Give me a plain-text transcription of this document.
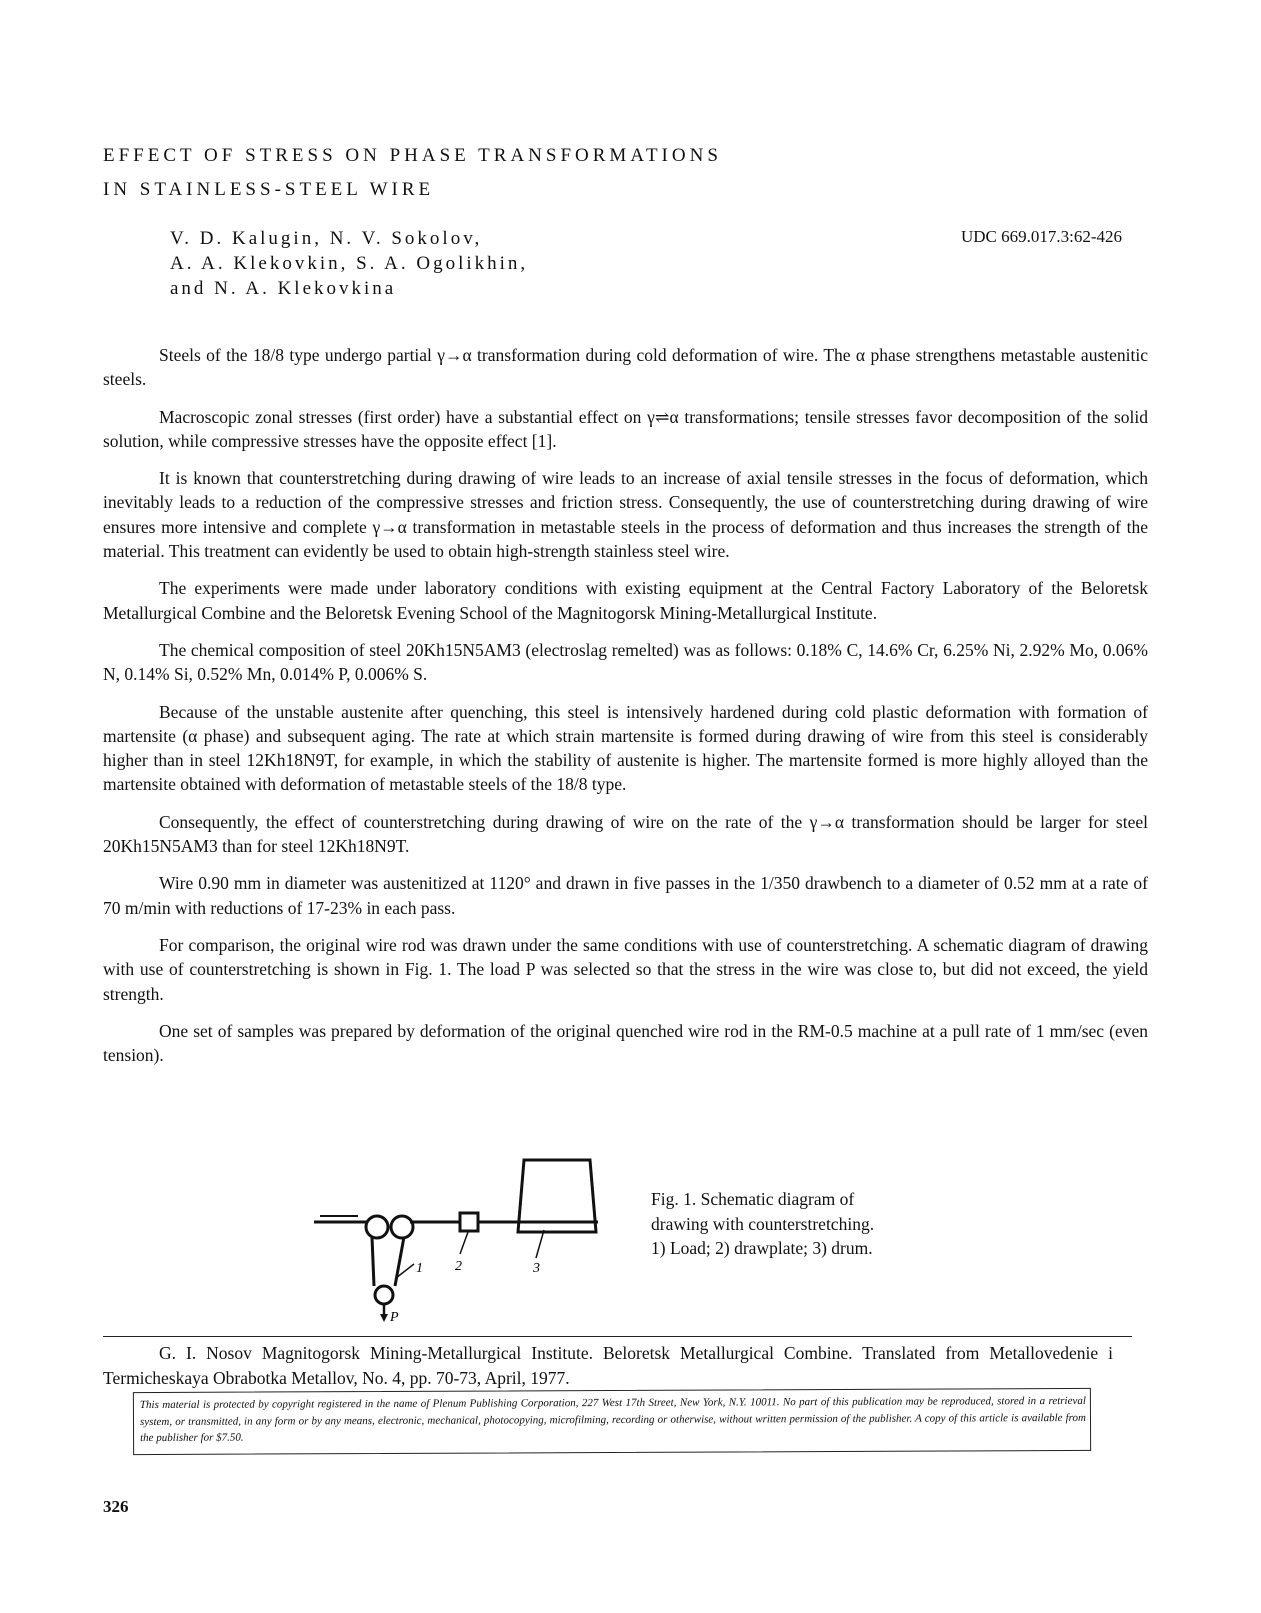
EFFECT OF STRESS ON PHASE TRANSFORMATIONS
IN STAINLESS-STEEL WIRE
V. D. Kalugin, N. V. Sokolov,
A. A. Klekovkin, S. A. Ogolikhin,
and N. A. Klekovkina
UDC 669.017.3:62-426

Steels of the 18/8 type undergo partial γ→α transformation during cold deformation of wire. The α phase strengthens metastable austenitic steels.

Macroscopic zonal stresses (first order) have a substantial effect on γ⇌α transformations; tensile stresses favor decomposition of the solid solution, while compressive stresses have the opposite effect [1].

It is known that counterstretching during drawing of wire leads to an increase of axial tensile stresses in the focus of deformation, which inevitably leads to a reduction of the compressive stresses and friction stress. Consequently, the use of counterstretching during drawing of wire ensures more intensive and complete γ→α transformation in metastable steels in the process of deformation and thus increases the strength of the material. This treatment can evidently be used to obtain high-strength stainless steel wire.

The experiments were made under laboratory conditions with existing equipment at the Central Factory Laboratory of the Beloretsk Metallurgical Combine and the Beloretsk Evening School of the Magnitogorsk Mining-Metallurgical Institute.

The chemical composition of steel 20Kh15N5AM3 (electroslag remelted) was as follows: 0.18% C, 14.6% Cr, 6.25% Ni, 2.92% Mo, 0.06% N, 0.14% Si, 0.52% Mn, 0.014% P, 0.006% S.

Because of the unstable austenite after quenching, this steel is intensively hardened during cold plastic deformation with formation of martensite (α phase) and subsequent aging. The rate at which strain martensite is formed during drawing of wire from this steel is considerably higher than in steel 12Kh18N9T, for example, in which the stability of austenite is higher. The martensite formed is more highly alloyed than the martensite obtained with deformation of metastable steels of the 18/8 type.

Consequently, the effect of counterstretching during drawing of wire on the rate of the γ→α transformation should be larger for steel 20Kh15N5AM3 than for steel 12Kh18N9T.

Wire 0.90 mm in diameter was austenitized at 1120° and drawn in five passes in the 1/350 drawbench to a diameter of 0.52 mm at a rate of 70 m/min with reductions of 17-23% in each pass.

For comparison, the original wire rod was drawn under the same conditions with use of counterstretching. A schematic diagram of drawing with use of counterstretching is shown in Fig. 1. The load P was selected so that the stress in the wire was close to, but did not exceed, the yield strength.

One set of samples was prepared by deformation of the original quenched wire rod in the RM-0.5 machine at a pull rate of 1 mm/sec (even tension).

1 2	3
P
Fig. 1. Schematic diagram of
drawing with counterstretching.
1) Load; 2) drawplate; 3) drum.

G. I. Nosov Magnitogorsk Mining-Metallurgical Institute. Beloretsk Metallurgical Combine. Translated from Metallovedenie i Termicheskaya Obrabotka Metallov, No. 4, pp. 70-73, April, 1977.

This material is protected by copyright registered in the name of Plenum Publishing Corporation, 227 West 17th Street, New York, N.Y. 10011. No part of this publication may be reproduced, stored in a retrieval system, or transmitted, in any form or by any means, electronic, mechanical, photocopying, microfilming, recording or otherwise, without written permission of the publisher. A copy of this article is available from the publisher for $7.50.
326
